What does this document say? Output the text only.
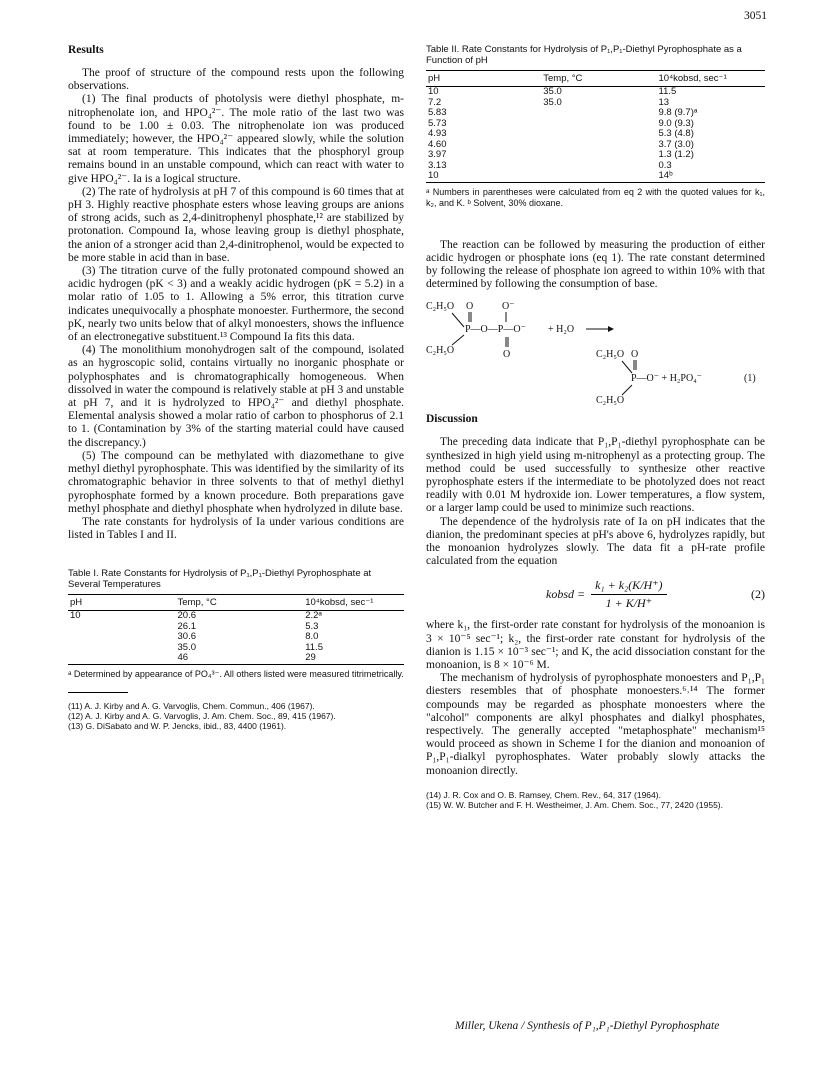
3051
Results

The proof of structure of the compound rests upon the following observations.

(1) The final products of photolysis were diethyl phosphate, m-nitrophenolate ion, and HPO₄²⁻. The mole ratio of the last two was found to be 1.00 ± 0.03. The nitrophenolate ion was produced immediately; however, the HPO₄²⁻ appeared slowly, while the solution sat at room temperature. This indicates that the phosphoryl group remains bound in an unstable compound, which can react with water to give HPO₄²⁻. Ia is a logical structure.

(2) The rate of hydrolysis at pH 7 of this compound is 60 times that at pH 3. Highly reactive phosphate esters whose leaving groups are anions of strong acids, such as 2,4-dinitrophenyl phosphate,¹² are stabilized by protonation. Compound Ia, whose leaving group is diethyl phosphate, the anion of a stronger acid than 2,4-dinitrophenol, would be expected to be more stable in acid than in base.

(3) The titration curve of the fully protonated compound showed an acidic hydrogen (pK < 3) and a weakly acidic hydrogen (pK = 5.2) in a molar ratio of 1.05 to 1. Allowing a 5% error, this titration curve indicates unequivocally a phosphate monoester. Furthermore, the second pK, nearly two units below that of alkyl monoesters, shows the influence of an electronegative substituent.¹³ Compound Ia fits this data.

(4) The monolithium monohydrogen salt of the compound, isolated as an hygroscopic solid, contains virtually no inorganic phosphate or polyphosphates and is chromatographically homogeneous. When dissolved in water the compound is relatively stable at pH 3 and unstable at pH 7, and it is hydrolyzed to HPO₄²⁻ and diethyl phosphate. Elemental analysis showed a molar ratio of carbon to phosphorus of 2.1 to 1. (Contamination by 3% of the starting material could have caused the discrepancy.)

(5) The compound can be methylated with diazomethane to give methyl diethyl pyrophosphate. This was identified by the similarity of its chromatographic behavior in three solvents to that of methyl diethyl pyrophosphate formed by a known procedure. Both preparations gave methyl phosphate and diethyl phosphate when hydrolyzed in dilute base.

The rate constants for hydrolysis of Ia under various conditions are listed in Tables I and II.

Table I. Rate Constants for Hydrolysis of P₁,P₁-Diethyl Pyrophosphate at Several Temperatures
pH	Temp, °C	10⁴kobsd, sec⁻¹
10	20.6	2.2ᵃ
	26.1	5.3
	30.6	8.0
	35.0	11.5
	46	29
ᵃ Determined by appearance of PO₄³⁻. All others listed were measured titrimetrically.

(11) A. J. Kirby and A. G. Varvoglis, Chem. Commun., 406 (1967).

(12) A. J. Kirby and A. G. Varvoglis, J. Am. Chem. Soc., 89, 415 (1967).

(13) G. DiSabato and W. P. Jencks, ibid., 83, 4400 (1961).

Table II. Rate Constants for Hydrolysis of P₁,P₁-Diethyl Pyrophosphate as a Function of pH
pH	Temp, °C	10⁴kobsd, sec⁻¹
10	35.0	11.5
7.2	35.0	13
5.83		9.8 (9.7)ᵃ
5.73		9.0 (9.3)
4.93		5.3 (4.8)
4.60		3.7 (3.0)
3.97		1.3 (1.2)
3.13		0.3
10		14ᵇ
ᵃ Numbers in parentheses were calculated from eq 2 with the quoted values for k₁, k₂, and K. ᵇ Solvent, 30% dioxane.

The reaction can be followed by measuring the production of either acidic hydrogen or phosphate ions (eq 1). The rate constant determined by following the release of phosphate ion agreed to within 10% with that determined by following the consumption of base.

C₂H₅O O	O⁻
P—O—P—O⁻ + H₂O
C₂H₅O	O	C₂H₅O O
P—O⁻ + H₂PO₄⁻	(1)
C₂H₅O
Discussion

The preceding data indicate that P₁,P₁-diethyl pyrophosphate can be synthesized in high yield using m-nitrophenyl as a protecting group. The method could be used successfully to synthesize other reactive pyrophosphate esters if the intermediate to be photolyzed does not react readily with 0.01 M hydroxide ion. Lower temperatures, a flow system, or a larger lamp could be used to minimize such reactions.

The dependence of the hydrolysis rate of Ia on pH indicates that the dianion, the predominant species at pH's above 6, hydrolyzes rapidly, but the monoanion hydrolyzes slowly. The data fit a pH-rate profile calculated from the equation

kobsd = $\frac{\text{k₁ + k₂(K/H⁺)}}{1 + K/H^+}$	(2)

where k₁, the first-order rate constant for hydrolysis of the monoanion is 3 × 10⁻⁵ sec⁻¹; k₂, the first-order rate constant for hydrolysis of the dianion is 1.15 × 10⁻³ sec⁻¹; and K, the acid dissociation constant for the monoanion, is 8 × 10⁻⁶ M.

The mechanism of hydrolysis of pyrophosphate monoesters and P₁,P₁ diesters resembles that of phosphate monoesters.⁶˒¹⁴ The former compounds may be regarded as phosphate monoesters where the "alcohol" components are alkyl phosphates and dialkyl phosphates, respectively. The generally accepted "metaphosphate" mechanism¹⁵ would proceed as shown in Scheme I for the dianion and monoanion of P₁,P₁-dialkyl pyrophosphates. Water probably slowly attacks the monoanion directly.

(14) J. R. Cox and O. B. Ramsey, Chem. Rev., 64, 317 (1964).

(15) W. W. Butcher and F. H. Westheimer, J. Am. Chem. Soc., 77, 2420 (1955).

Miller, Ukena / Synthesis of P₁,P₁-Diethyl Pyrophosphate
